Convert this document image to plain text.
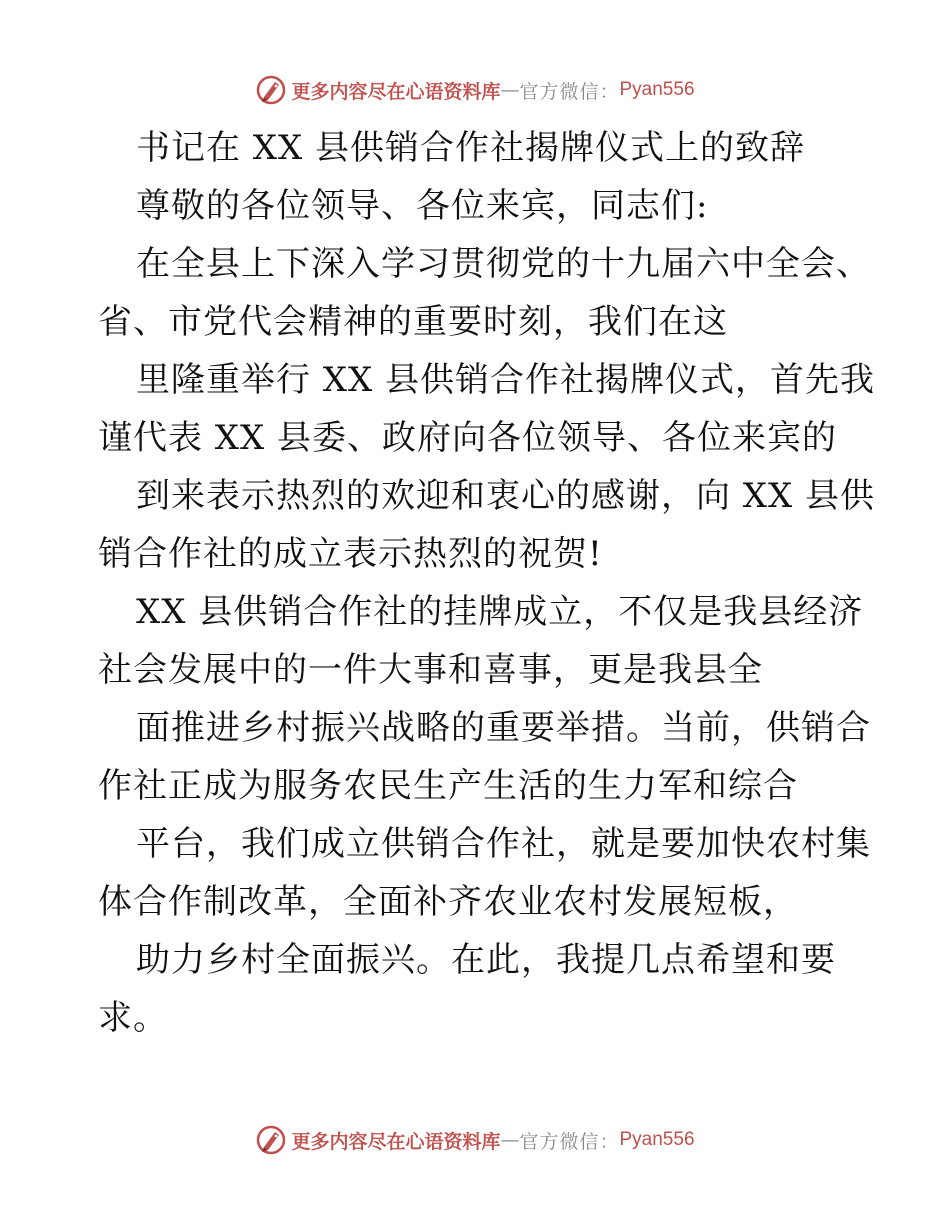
更多内容尽在心语资料库 — 官方微信： Pyan556
书记在 XX 县供销合作社揭牌仪式上的致辞
尊敬的各位领导、各位来宾，同志们:
在全县上下深入学习贯彻党的十九届六中全会、
省、市党代会精神的重要时刻，我们在这
里隆重举行 XX 县供销合作社揭牌仪式，首先我
谨代表 XX 县委、政府向各位领导、各位来宾的
到来表示热烈的欢迎和衷心的感谢，向 XX 县供
销合作社的成立表示热烈的祝贺!
XX 县供销合作社的挂牌成立，不仅是我县经济
社会发展中的一件大事和喜事，更是我县全
面推进乡村振兴战略的重要举措。当前，供销合
作社正成为服务农民生产生活的生力军和综合
平台，我们成立供销合作社，就是要加快农村集
体合作制改革，全面补齐农业农村发展短板，
助力乡村全面振兴。在此，我提几点希望和要
求。
更多内容尽在心语资料库 — 官方微信： Pyan556
